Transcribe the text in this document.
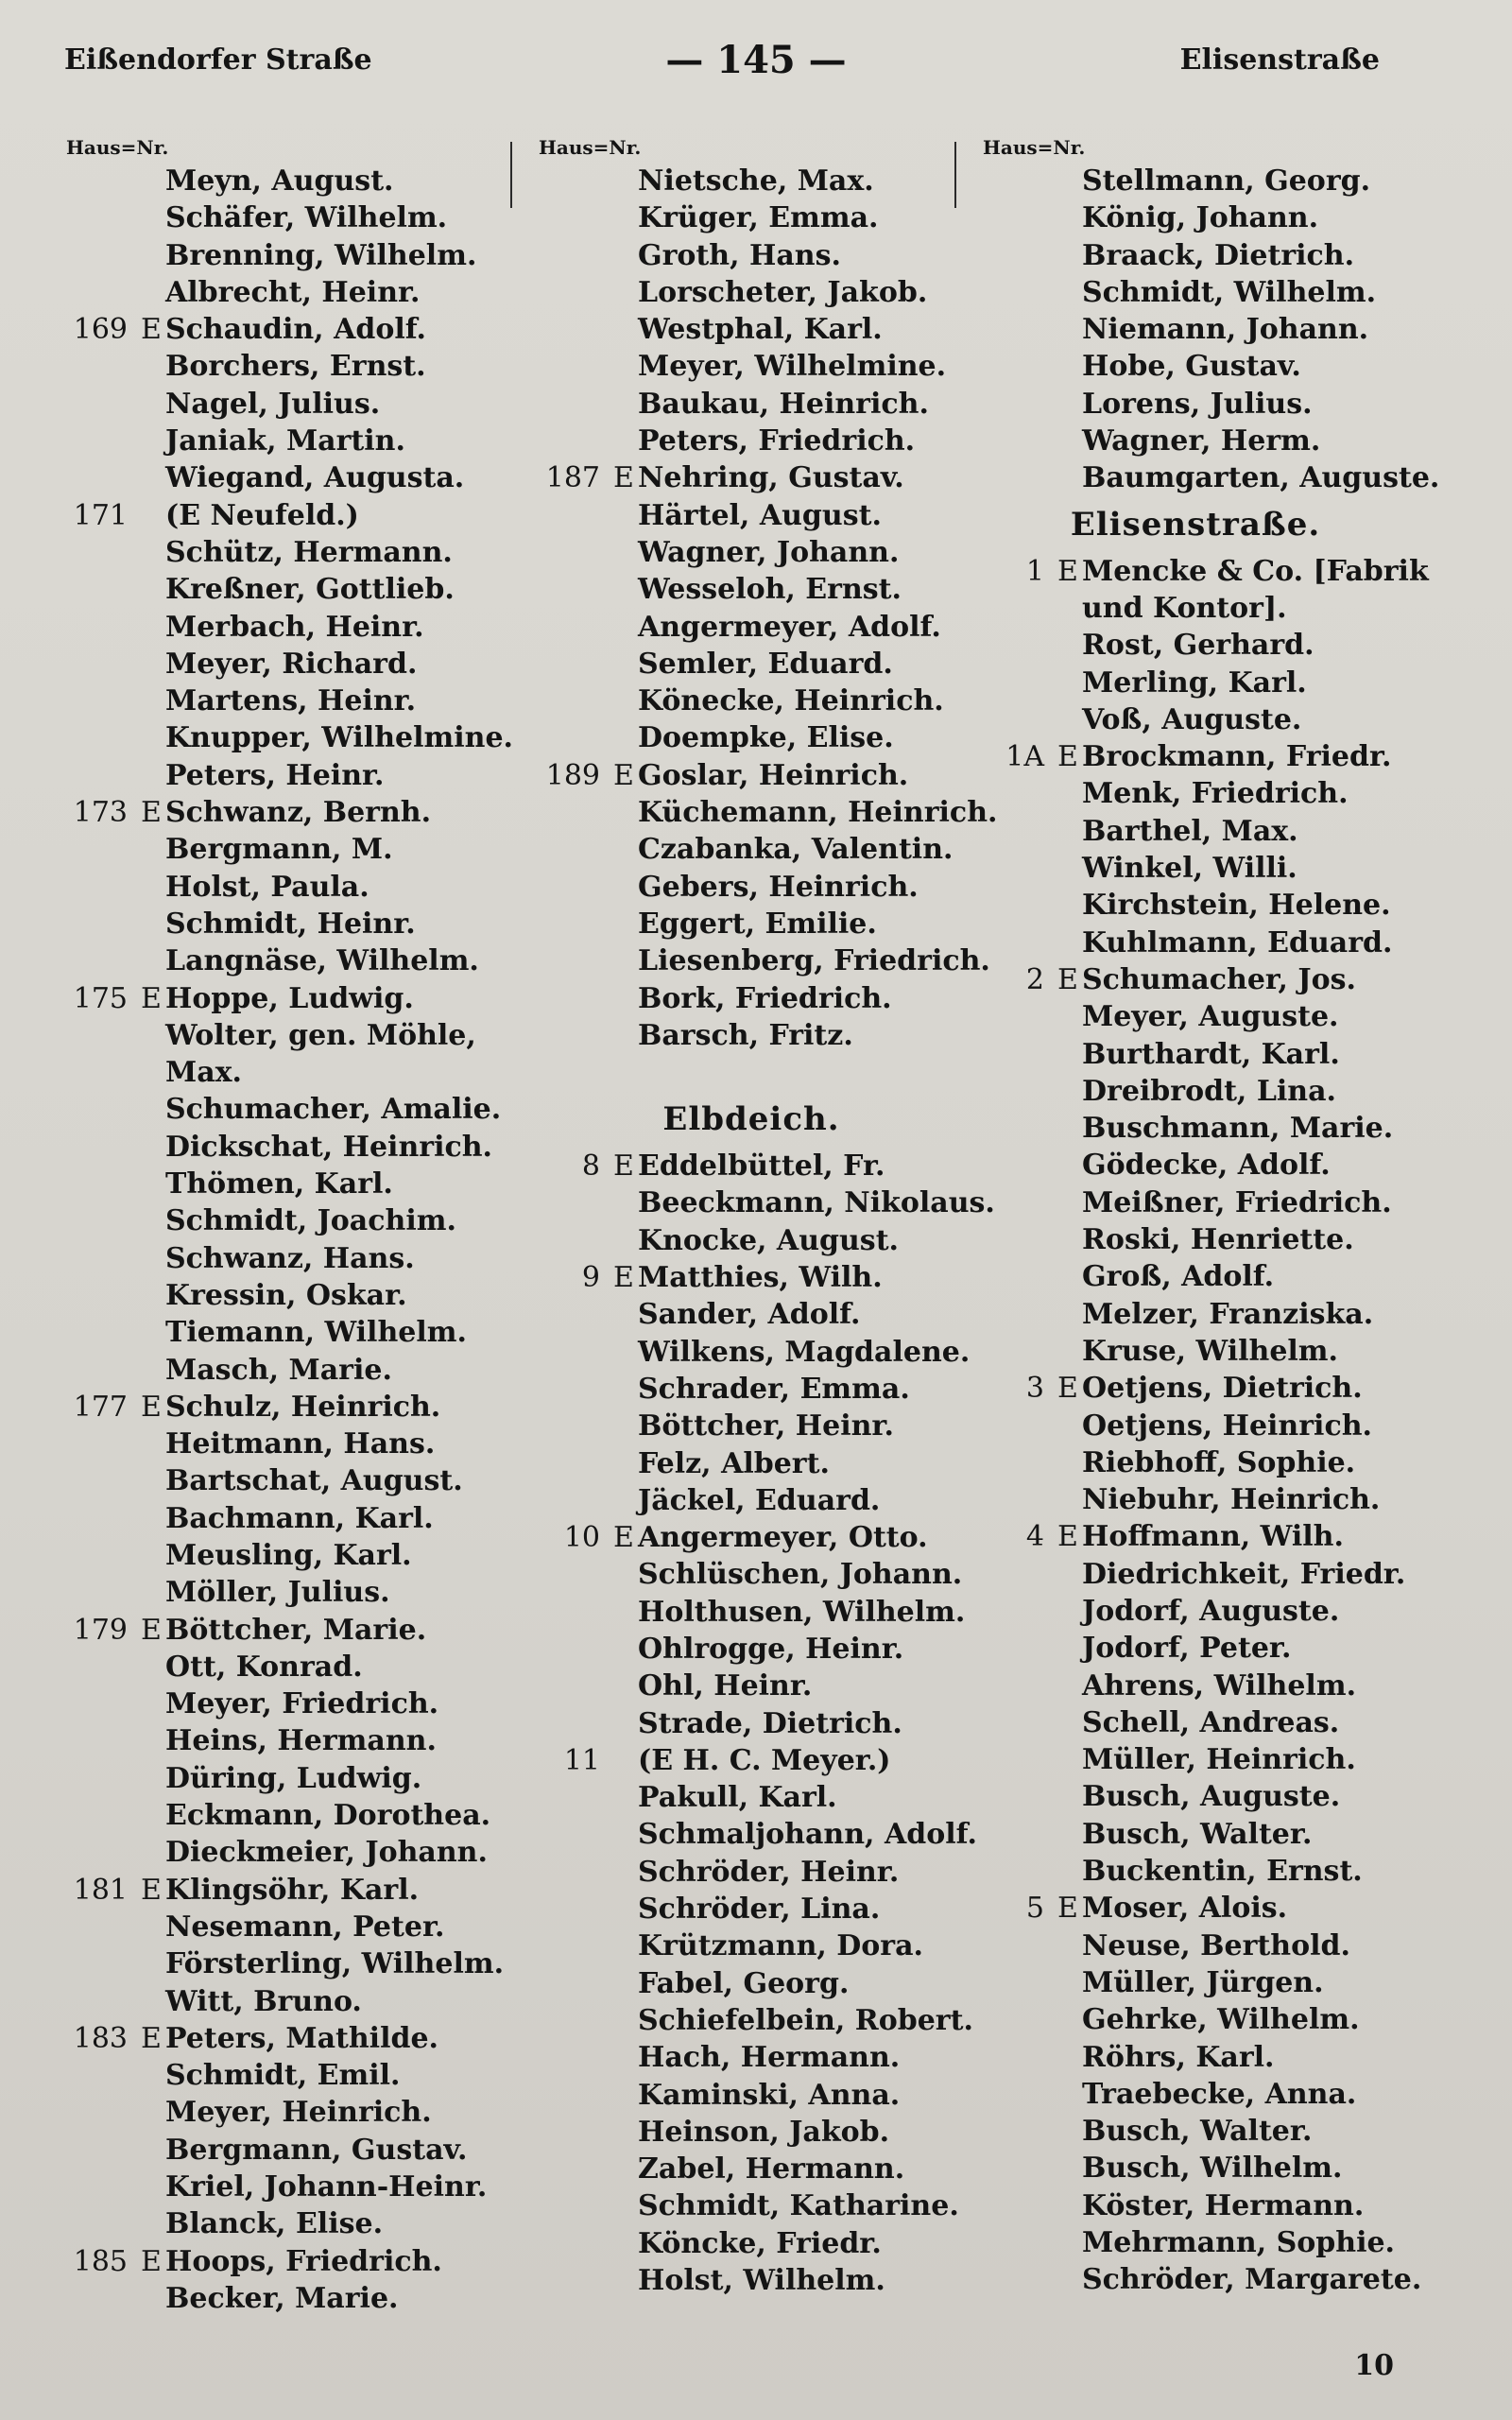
Eißendorfer Straße	— 145 —	Elisenstraße
Haus=Nr.
Meyn, August.
Schäfer, Wilhelm.
Brenning, Wilhelm.
Albrecht, Heinr.
169 E Schaudin, Adolf.
Borchers, Ernst.
Nagel, Julius.
Janiak, Martin.
Wiegand, Augusta.
171 (E Neufeld.)
Schütz, Hermann.
Kreßner, Gottlieb.
Merbach, Heinr.
Meyer, Richard.
Martens, Heinr.
Knupper, Wilhelmine.
Peters, Heinr.
173 E Schwanz, Bernh.
Bergmann, M.
Holst, Paula.
Schmidt, Heinr.
Langnäse, Wilhelm.
175 E Hoppe, Ludwig.
Wolter, gen. Möhle,
Max.
Schumacher, Amalie.
Dickschat, Heinrich.
Thömen, Karl.
Schmidt, Joachim.
Schwanz, Hans.
Kressin, Oskar.
Tiemann, Wilhelm.
Masch, Marie.
177 E Schulz, Heinrich.
Heitmann, Hans.
Bartschat, August.
Bachmann, Karl.
Meusling, Karl.
Möller, Julius.
179 E Böttcher, Marie.
Ott, Konrad.
Meyer, Friedrich.
Heins, Hermann.
Düring, Ludwig.
Eckmann, Dorothea.
Dieckmeier, Johann.
181 E Klingsöhr, Karl.
Nesemann, Peter.
Försterling, Wilhelm.
Witt, Bruno.
183 E Peters, Mathilde.
Schmidt, Emil.
Meyer, Heinrich.
Bergmann, Gustav.
Kriel, Johann-Heinr.
Blanck, Elise.
185 E Hoops, Friedrich.
Becker, Marie.
Haus=Nr.
Nietsche, Max.
Krüger, Emma.
Groth, Hans.
Lorscheter, Jakob.
Westphal, Karl.
Meyer, Wilhelmine.
Baukau, Heinrich.
Peters, Friedrich.
187 E Nehring, Gustav.
Härtel, August.
Wagner, Johann.
Wesseloh, Ernst.
Angermeyer, Adolf.
Semler, Eduard.
Könecke, Heinrich.
Doempke, Elise.
189 E Goslar, Heinrich.
Küchemann, Heinrich.
Czabanka, Valentin.
Gebers, Heinrich.
Eggert, Emilie.
Liesenberg, Friedrich.
Bork, Friedrich.
Barsch, Fritz.
Elbdeich.
8 E Eddelbüttel, Fr.
Beeckmann, Nikolaus.
Knocke, August.
9 E Matthies, Wilh.
Sander, Adolf.
Wilkens, Magdalene.
Schrader, Emma.
Böttcher, Heinr.
Felz, Albert.
Jäckel, Eduard.
10 E Angermeyer, Otto.
Schlüschen, Johann.
Holthusen, Wilhelm.
Ohlrogge, Heinr.
Ohl, Heinr.
Strade, Dietrich.
11 (E H. C. Meyer.)
Pakull, Karl.
Schmaljohann, Adolf.
Schröder, Heinr.
Schröder, Lina.
Krützmann, Dora.
Fabel, Georg.
Schiefelbein, Robert.
Hach, Hermann.
Kaminski, Anna.
Heinson, Jakob.
Zabel, Hermann.
Schmidt, Katharine.
Köncke, Friedr.
Holst, Wilhelm.
Haus=Nr.
Stellmann, Georg.
König, Johann.
Braack, Dietrich.
Schmidt, Wilhelm.
Niemann, Johann.
Hobe, Gustav.
Lorens, Julius.
Wagner, Herm.
Baumgarten, Auguste.
Elisenstraße.
1 E Mencke & Co. [Fabrik
und Kontor].
Rost, Gerhard.
Merling, Karl.
Voß, Auguste.
1A E Brockmann, Friedr.
Menk, Friedrich.
Barthel, Max.
Winkel, Willi.
Kirchstein, Helene.
Kuhlmann, Eduard.
2 E Schumacher, Jos.
Meyer, Auguste.
Burthardt, Karl.
Dreibrodt, Lina.
Buschmann, Marie.
Gödecke, Adolf.
Meißner, Friedrich.
Roski, Henriette.
Groß, Adolf.
Melzer, Franziska.
Kruse, Wilhelm.
3 E Oetjens, Dietrich.
Oetjens, Heinrich.
Riebhoff, Sophie.
Niebuhr, Heinrich.
4 E Hoffmann, Wilh.
Diedrichkeit, Friedr.
Jodorf, Auguste.
Jodorf, Peter.
Ahrens, Wilhelm.
Schell, Andreas.
Müller, Heinrich.
Busch, Auguste.
Busch, Walter.
Buckentin, Ernst.
5 E Moser, Alois.
Neuse, Berthold.
Müller, Jürgen.
Gehrke, Wilhelm.
Röhrs, Karl.
Traebecke, Anna.
Busch, Walter.
Busch, Wilhelm.
Köster, Hermann.
Mehrmann, Sophie.
Schröder, Margarete.
10
